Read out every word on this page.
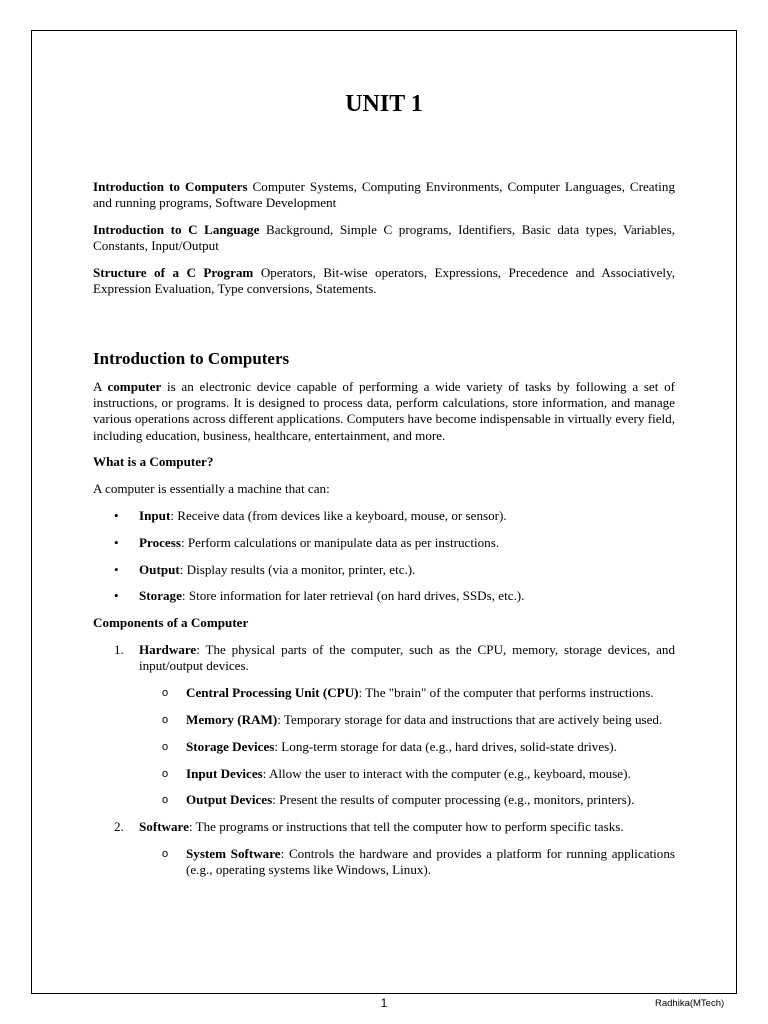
UNIT 1

Introduction to Computers Computer Systems, Computing Environments, Computer Languages, Creating and running programs, Software Development

Introduction to C Language Background, Simple C programs, Identifiers, Basic data types, Variables, Constants, Input/Output

Structure of a C Program Operators, Bit-wise operators, Expressions, Precedence and Associatively, Expression Evaluation, Type conversions, Statements.

Introduction to Computers

A computer is an electronic device capable of performing a wide variety of tasks by following a set of instructions, or programs. It is designed to process data, perform calculations, store information, and manage various operations across different applications. Computers have become indispensable in virtually every field, including education, business, healthcare, entertainment, and more.

What is a Computer?

A computer is essentially a machine that can:

• Input: Receive data (from devices like a keyboard, mouse, or sensor).
• Process: Perform calculations or manipulate data as per instructions.
• Output: Display results (via a monitor, printer, etc.).
• Storage: Store information for later retrieval (on hard drives, SSDs, etc.).
Components of a Computer
1. Hardware: The physical parts of the computer, such as the CPU, memory, storage devices, and input/output devices.
o Central Processing Unit (CPU): The "brain" of the computer that performs instructions.
o Memory (RAM): Temporary storage for data and instructions that are actively being used.
o Storage Devices: Long-term storage for data (e.g., hard drives, solid-state drives).
o Input Devices: Allow the user to interact with the computer (e.g., keyboard, mouse).
o Output Devices: Present the results of computer processing (e.g., monitors, printers).
2. Software: The programs or instructions that tell the computer how to perform specific tasks.
o System Software: Controls the hardware and provides a platform for running applications (e.g., operating systems like Windows, Linux).
1	Radhika(MTech)
